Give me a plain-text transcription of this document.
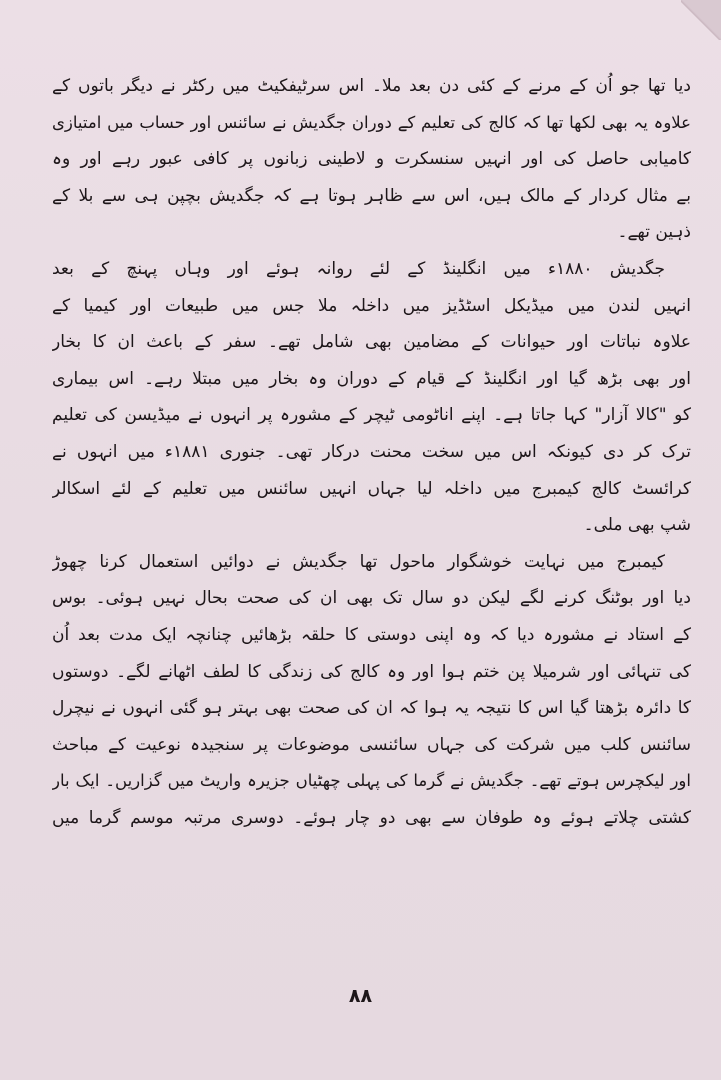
دیا تھا جو اُن کے مرنے کے کئی دن بعد ملا۔ اس سرٹیفکیٹ میں رکٹر نے دیگر باتوں کے
علاوہ یہ بھی لکھا تھا کہ کالج کی تعلیم کے دوران جگدیش نے سائنس اور حساب میں امتیازی
کامیابی حاصل کی اور انہیں سنسکرت و لاطینی زبانوں پر کافی عبور رہے اور وہ
بے مثال کردار کے مالک ہیں، اس سے ظاہر ہوتا ہے کہ جگدیش بچپن ہی سے بلا کے
ذہین تھے۔
جگدیش ۱۸۸۰ء میں انگلینڈ کے لئے روانہ ہوئے اور وہاں پہنچ کے بعد
انہیں لندن میں میڈیکل اسٹڈیز میں داخلہ ملا جس میں طبیعات اور کیمیا کے
علاوہ نباتات اور حیوانات کے مضامین بھی شامل تھے۔ سفر کے باعث ان کا بخار
اور بھی بڑھ گیا اور انگلینڈ کے قیام کے دوران وہ بخار میں مبتلا رہے۔ اس بیماری
کو "کالا آزار" کہا جاتا ہے۔ اپنے اناٹومی ٹیچر کے مشورہ پر انہوں نے میڈیسن کی تعلیم
ترک کر دی کیونکہ اس میں سخت محنت درکار تھی۔ جنوری ۱۸۸۱ء میں انہوں نے
کرائسٹ کالج کیمبرج میں داخلہ لیا جہاں انہیں سائنس میں تعلیم کے لئے اسکالر
شپ بھی ملی۔
کیمبرج میں نہایت خوشگوار ماحول تھا جگدیش نے دوائیں استعمال کرنا چھوڑ
دیا اور بوٹنگ کرنے لگے لیکن دو سال تک بھی ان کی صحت بحال نہیں ہوئی۔ بوس
کے استاد نے مشورہ دیا کہ وہ اپنی دوستی کا حلقہ بڑھائیں چنانچہ ایک مدت بعد اُن
کی تنہائی اور شرمیلا پن ختم ہوا اور وہ کالج کی زندگی کا لطف اٹھانے لگے۔ دوستوں
کا دائرہ بڑھتا گیا اس کا نتیجہ یہ ہوا کہ ان کی صحت بھی بہتر ہو گئی انہوں نے نیچرل
سائنس کلب میں شرکت کی جہاں سائنسی موضوعات پر سنجیدہ نوعیت کے مباحث
اور لیکچرس ہوتے تھے۔ جگدیش نے گرما کی پہلی چھٹیاں جزیرہ واریٹ میں گزاریں۔ ایک بار
کشتی چلاتے ہوئے وہ طوفان سے بھی دو چار ہوئے۔ دوسری مرتبہ موسم گرما میں
۸۸
